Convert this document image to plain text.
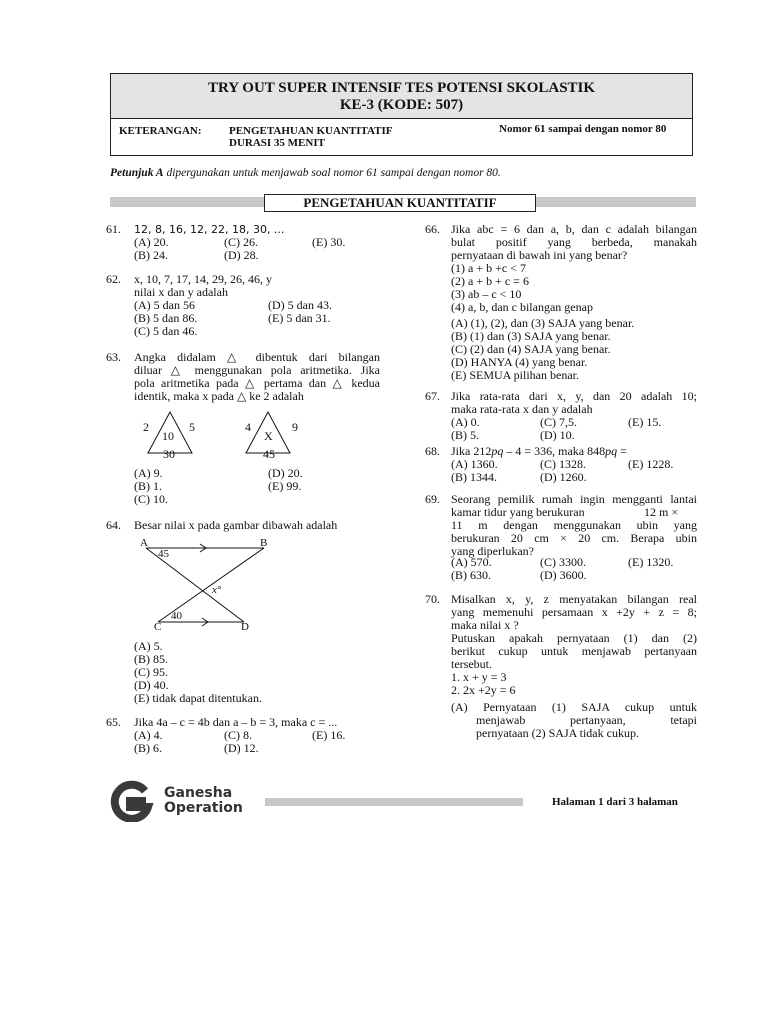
TRY OUT SUPER INTENSIF TES POTENSI SKOLASTIK
KE-3 (KODE: 507)
KETERANGAN: PENGETAHUAN KUANTITATIF
DURASI 35 MENIT
Nomor 61 sampai dengan nomor 80
Petunjuk A dipergunakan untuk menjawab soal nomor 61 sampai dengan nomor 80.
PENGETAHUAN KUANTITATIF
61. 12, 8, 16, 12, 22, 18, 30, ...
(A) 20.
(B) 24.
(C) 26.
(D) 28.
(E) 30.
62. x, 10, 7, 17, 14, 29, 26, 46, y
nilai x dan y adalah
(A) 5 dan 56
(B) 5 dan 86.
(C) 5 dan 46.
(D) 5 dan 43.
(E) 5 dan 31.
63. Angka didalam △ dibentuk dari bilangan
diluar △ menggunakan pola aritmetika. Jika
pola aritmetika pada △ pertama dan △ kedua
identik, maka x pada △ ke 2 adalah
2	5
10
30
4	9
X
45
(A) 9.
(B) 1.
(C) 10.
(D) 20.
(E) 99.
64. Besar nilai x pada gambar dibawah adalah
A	B
C	D
45
40
x°
(A) 5.
(B) 85.
(C) 95.
(D) 40.
(E) tidak dapat ditentukan.
65. Jika 4a – c = 4b dan a – b = 3, maka c = ...
(A) 4.
(B) 6.
(C) 8.
(D) 12.
(E) 16.
66. Jika abc = 6 dan a, b, dan c adalah bilangan
bulat positif yang berbeda, manakah
pernyataan di bawah ini yang benar?
(1) a + b +c < 7
(2) a + b + c = 6
(3) ab – c < 10
(4) a, b, dan c bilangan genap
(A) (1), (2), dan (3) SAJA yang benar.
(B) (1) dan (3) SAJA yang benar.
(C) (2) dan (4) SAJA yang benar.
(D) HANYA (4) yang benar.
(E) SEMUA pilihan benar.
67. Jika rata-rata dari x, y, dan 20 adalah 10;
maka rata-rata x dan y adalah
(A) 0.
(B) 5.
(C) 7,5.
(D) 10.
(E) 15.
68. Jika 212pq – 4 = 336, maka 848pq =
(A) 1360.
(B) 1344.
(C) 1328.
(D) 1260.
(E) 1228.
69. Seorang pemilik rumah ingin mengganti lantai
kamar tidur yang berukuran	12 m ×
11 m dengan menggunakan ubin yang
berukuran 20 cm × 20 cm. Berapa ubin
yang diperlukan?
(A) 570.
(B) 630.
(C) 3300.
(D) 3600.
(E) 1320.
70. Misalkan x, y, z menyatakan bilangan real
yang memenuhi persamaan x +2y + z = 8;
maka nilai x ?
Putuskan apakah pernyataan (1) dan (2)
berikut cukup untuk menjawab pertanyaan
tersebut.
1. x + y = 3
2. 2x +2y = 6
(A) Pernyataan (1) SAJA cukup untuk
menjawab pertanyaan, tetapi
pernyataan (2) SAJA tidak cukup.
Ganesha
Operation	Halaman 1 dari 3 halaman
